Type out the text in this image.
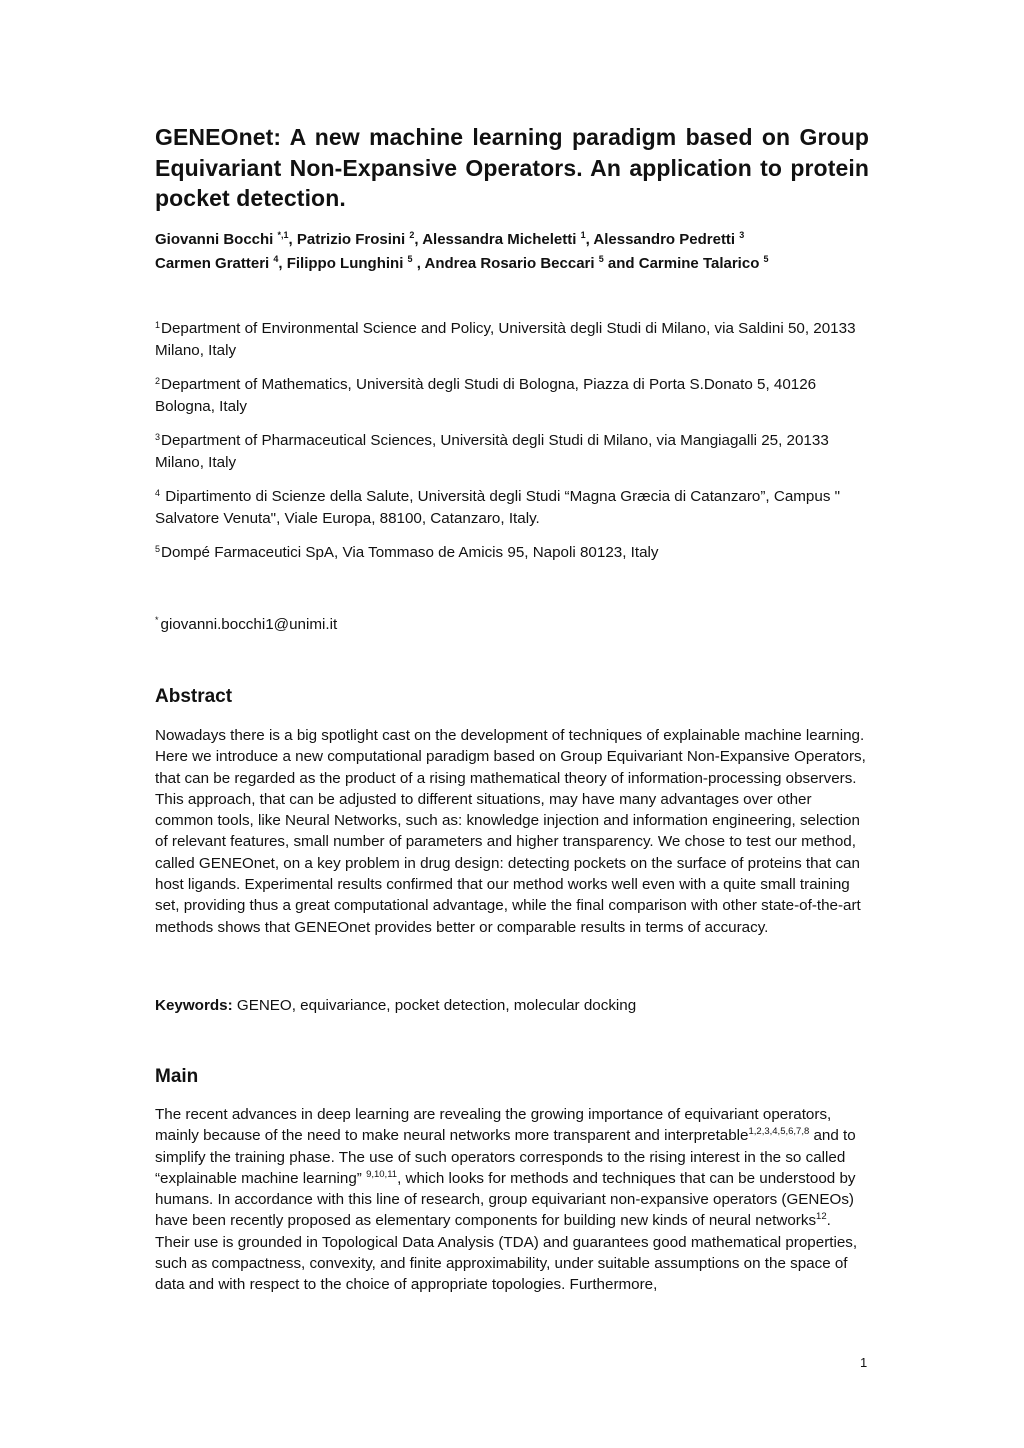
GENEOnet: A new machine learning paradigm based on Group Equivariant Non-Expansive Operators. An application to protein pocket detection.
Giovanni Bocchi $^{*,1}$, Patrizio Frosini $^2$, Alessandra Micheletti $^1$, Alessandro Pedretti $^3$
Carmen Gratteri $^4$, Filippo Lunghini $^5$ , Andrea Rosario Beccari $^5$ and Carmine Talarico $^5$

$^1$Department of Environmental Science and Policy, Università degli Studi di Milano, via Saldini 50, 20133 Milano, Italy

$^2$Department of Mathematics, Università degli Studi di Bologna, Piazza di Porta S.Donato 5, 40126 Bologna, Italy

$^3$Department of Pharmaceutical Sciences, Università degli Studi di Milano, via Mangiagalli 25, 20133 Milano, Italy

$^4$ Dipartimento di Scienze della Salute, Università degli Studi “Magna Græcia di Catanzaro”, Campus " Salvatore Venuta", Viale Europa, 88100, Catanzaro, Italy.

$^5$Dompé Farmaceutici SpA, Via Tommaso de Amicis 95, Napoli 80123, Italy

* giovanni.bocchi1@unimi.it

Abstract

Nowadays there is a big spotlight cast on the development of techniques of explainable machine learning. Here we introduce a new computational paradigm based on Group Equivariant Non-Expansive Operators, that can be regarded as the product of a rising mathematical theory of information-processing observers. This approach, that can be adjusted to different situations, may have many advantages over other common tools, like Neural Networks, such as: knowledge injection and information engineering, selection of relevant features, small number of parameters and higher transparency. We chose to test our method, called GENEOnet, on a key problem in drug design: detecting pockets on the surface of proteins that can host ligands. Experimental results confirmed that our method works well even with a quite small training set, providing thus a great computational advantage, while the final comparison with other state-of-the-art methods shows that GENEOnet provides better or comparable results in terms of accuracy.

Keywords: GENEO, equivariance, pocket detection, molecular docking

Main

The recent advances in deep learning are revealing the growing importance of equivariant operators, mainly because of the need to make neural networks more transparent and interpretable$^{1,2,3,4,5,6,7,8}$ and to simplify the training phase. The use of such operators corresponds to the rising interest in the so called “explainable machine learning” $^{9,10,11}$, which looks for methods and techniques that can be understood by humans. In accordance with this line of research, group equivariant non-expansive operators (GENEOs) have been recently proposed as elementary components for building new kinds of neural networks$^{12}$. Their use is grounded in Topological Data Analysis (TDA) and guarantees good mathematical properties, such as compactness, convexity, and finite approximability, under suitable assumptions on the space of data and with respect to the choice of appropriate topologies. Furthermore,

1
